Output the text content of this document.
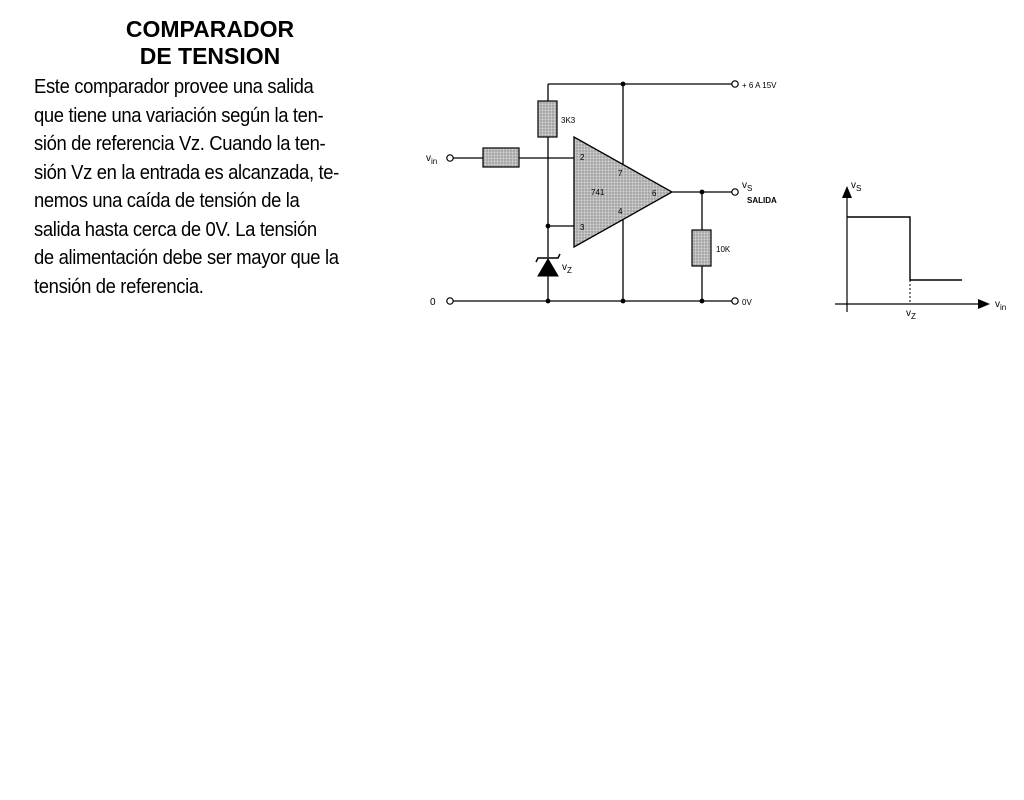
COMPARADOR
DE TENSION
Este comparador provee una salida
que tiene una variación según la ten-
sión de referencia Vz. Cuando la ten-
sión Vz en la entrada es alcanzada, te-
nemos una caída de tensión de la
salida hasta cerca de 0V. La tensión
de alimentación debe ser mayor que la
tensión de referencia.
+ 6 A 15V
3K3
$v_{in}$
741
2
3
7
4
6
$v_S$
SALIDA
10K
$v_Z$
0	0V
$v_S$
$v_{in}$
$v_Z$
